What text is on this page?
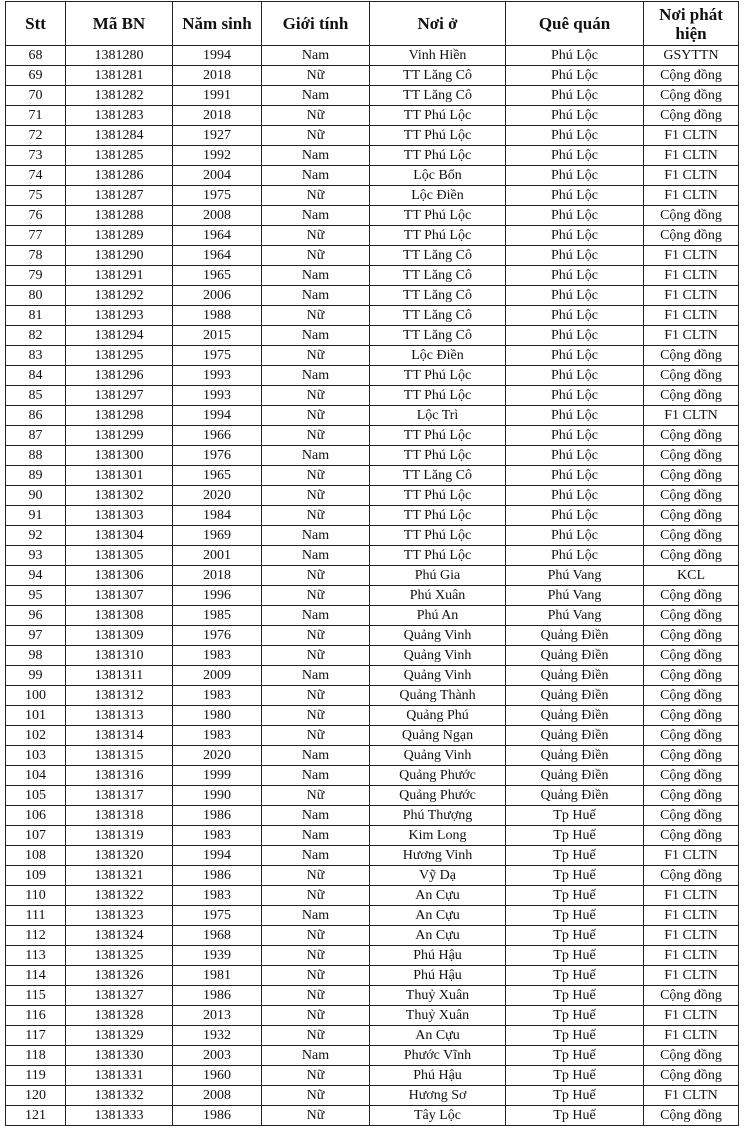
Stt	Mã BN	Năm sinh	Giới tính	Nơi ở	Quê quán	Nơi phát hiện
68	1381280	1994	Nam	Vinh Hiền	Phú Lộc	GSYTTN
69	1381281	2018	Nữ	TT Lăng Cô	Phú Lộc	Cộng đồng
70	1381282	1991	Nam	TT Lăng Cô	Phú Lộc	Cộng đồng
71	1381283	2018	Nữ	TT Phú Lộc	Phú Lộc	Cộng đồng
72	1381284	1927	Nữ	TT Phú Lộc	Phú Lộc	F1 CLTN
73	1381285	1992	Nam	TT Phú Lộc	Phú Lộc	F1 CLTN
74	1381286	2004	Nam	Lộc Bổn	Phú Lộc	F1 CLTN
75	1381287	1975	Nữ	Lộc Điền	Phú Lộc	F1 CLTN
76	1381288	2008	Nam	TT Phú Lộc	Phú Lộc	Cộng đồng
77	1381289	1964	Nữ	TT Phú Lộc	Phú Lộc	Cộng đồng
78	1381290	1964	Nữ	TT Lăng Cô	Phú Lộc	F1 CLTN
79	1381291	1965	Nam	TT Lăng Cô	Phú Lộc	F1 CLTN
80	1381292	2006	Nam	TT Lăng Cô	Phú Lộc	F1 CLTN
81	1381293	1988	Nữ	TT Lăng Cô	Phú Lộc	F1 CLTN
82	1381294	2015	Nam	TT Lăng Cô	Phú Lộc	F1 CLTN
83	1381295	1975	Nữ	Lộc Điền	Phú Lộc	Cộng đồng
84	1381296	1993	Nam	TT Phú Lộc	Phú Lộc	Cộng đồng
85	1381297	1993	Nữ	TT Phú Lộc	Phú Lộc	Cộng đồng
86	1381298	1994	Nữ	Lộc Trì	Phú Lộc	F1 CLTN
87	1381299	1966	Nữ	TT Phú Lộc	Phú Lộc	Cộng đồng
88	1381300	1976	Nam	TT Phú Lộc	Phú Lộc	Cộng đồng
89	1381301	1965	Nữ	TT Lăng Cô	Phú Lộc	Cộng đồng
90	1381302	2020	Nữ	TT Phú Lộc	Phú Lộc	Cộng đồng
91	1381303	1984	Nữ	TT Phú Lộc	Phú Lộc	Cộng đồng
92	1381304	1969	Nam	TT Phú Lộc	Phú Lộc	Cộng đồng
93	1381305	2001	Nam	TT Phú Lộc	Phú Lộc	Cộng đồng
94	1381306	2018	Nữ	Phú Gia	Phú Vang	KCL
95	1381307	1996	Nữ	Phú Xuân	Phú Vang	Cộng đồng
96	1381308	1985	Nam	Phú An	Phú Vang	Cộng đồng
97	1381309	1976	Nữ	Quảng Vinh	Quảng Điền	Cộng đồng
98	1381310	1983	Nữ	Quảng Vinh	Quảng Điền	Cộng đồng
99	1381311	2009	Nam	Quảng Vinh	Quảng Điền	Cộng đồng
100	1381312	1983	Nữ	Quảng Thành	Quảng Điền	Cộng đồng
101	1381313	1980	Nữ	Quảng Phú	Quảng Điền	Cộng đồng
102	1381314	1983	Nữ	Quảng Ngạn	Quảng Điền	Cộng đồng
103	1381315	2020	Nam	Quảng Vinh	Quảng Điền	Cộng đồng
104	1381316	1999	Nam	Quảng Phước	Quảng Điền	Cộng đồng
105	1381317	1990	Nữ	Quảng Phước	Quảng Điền	Cộng đồng
106	1381318	1986	Nam	Phú Thượng	Tp Huế	Cộng đồng
107	1381319	1983	Nam	Kim Long	Tp Huế	Cộng đồng
108	1381320	1994	Nam	Hương Vinh	Tp Huế	F1 CLTN
109	1381321	1986	Nữ	Vỹ Dạ	Tp Huế	Cộng đồng
110	1381322	1983	Nữ	An Cựu	Tp Huế	F1 CLTN
111	1381323	1975	Nam	An Cựu	Tp Huế	F1 CLTN
112	1381324	1968	Nữ	An Cựu	Tp Huế	F1 CLTN
113	1381325	1939	Nữ	Phú Hậu	Tp Huế	F1 CLTN
114	1381326	1981	Nữ	Phú Hậu	Tp Huế	F1 CLTN
115	1381327	1986	Nữ	Thuỷ Xuân	Tp Huế	Cộng đồng
116	1381328	2013	Nữ	Thuỷ Xuân	Tp Huế	F1 CLTN
117	1381329	1932	Nữ	An Cựu	Tp Huế	F1 CLTN
118	1381330	2003	Nam	Phước Vĩnh	Tp Huế	Cộng đồng
119	1381331	1960	Nữ	Phú Hậu	Tp Huế	Cộng đồng
120	1381332	2008	Nữ	Hương Sơ	Tp Huế	F1 CLTN
121	1381333	1986	Nữ	Tây Lộc	Tp Huế	Cộng đồng
